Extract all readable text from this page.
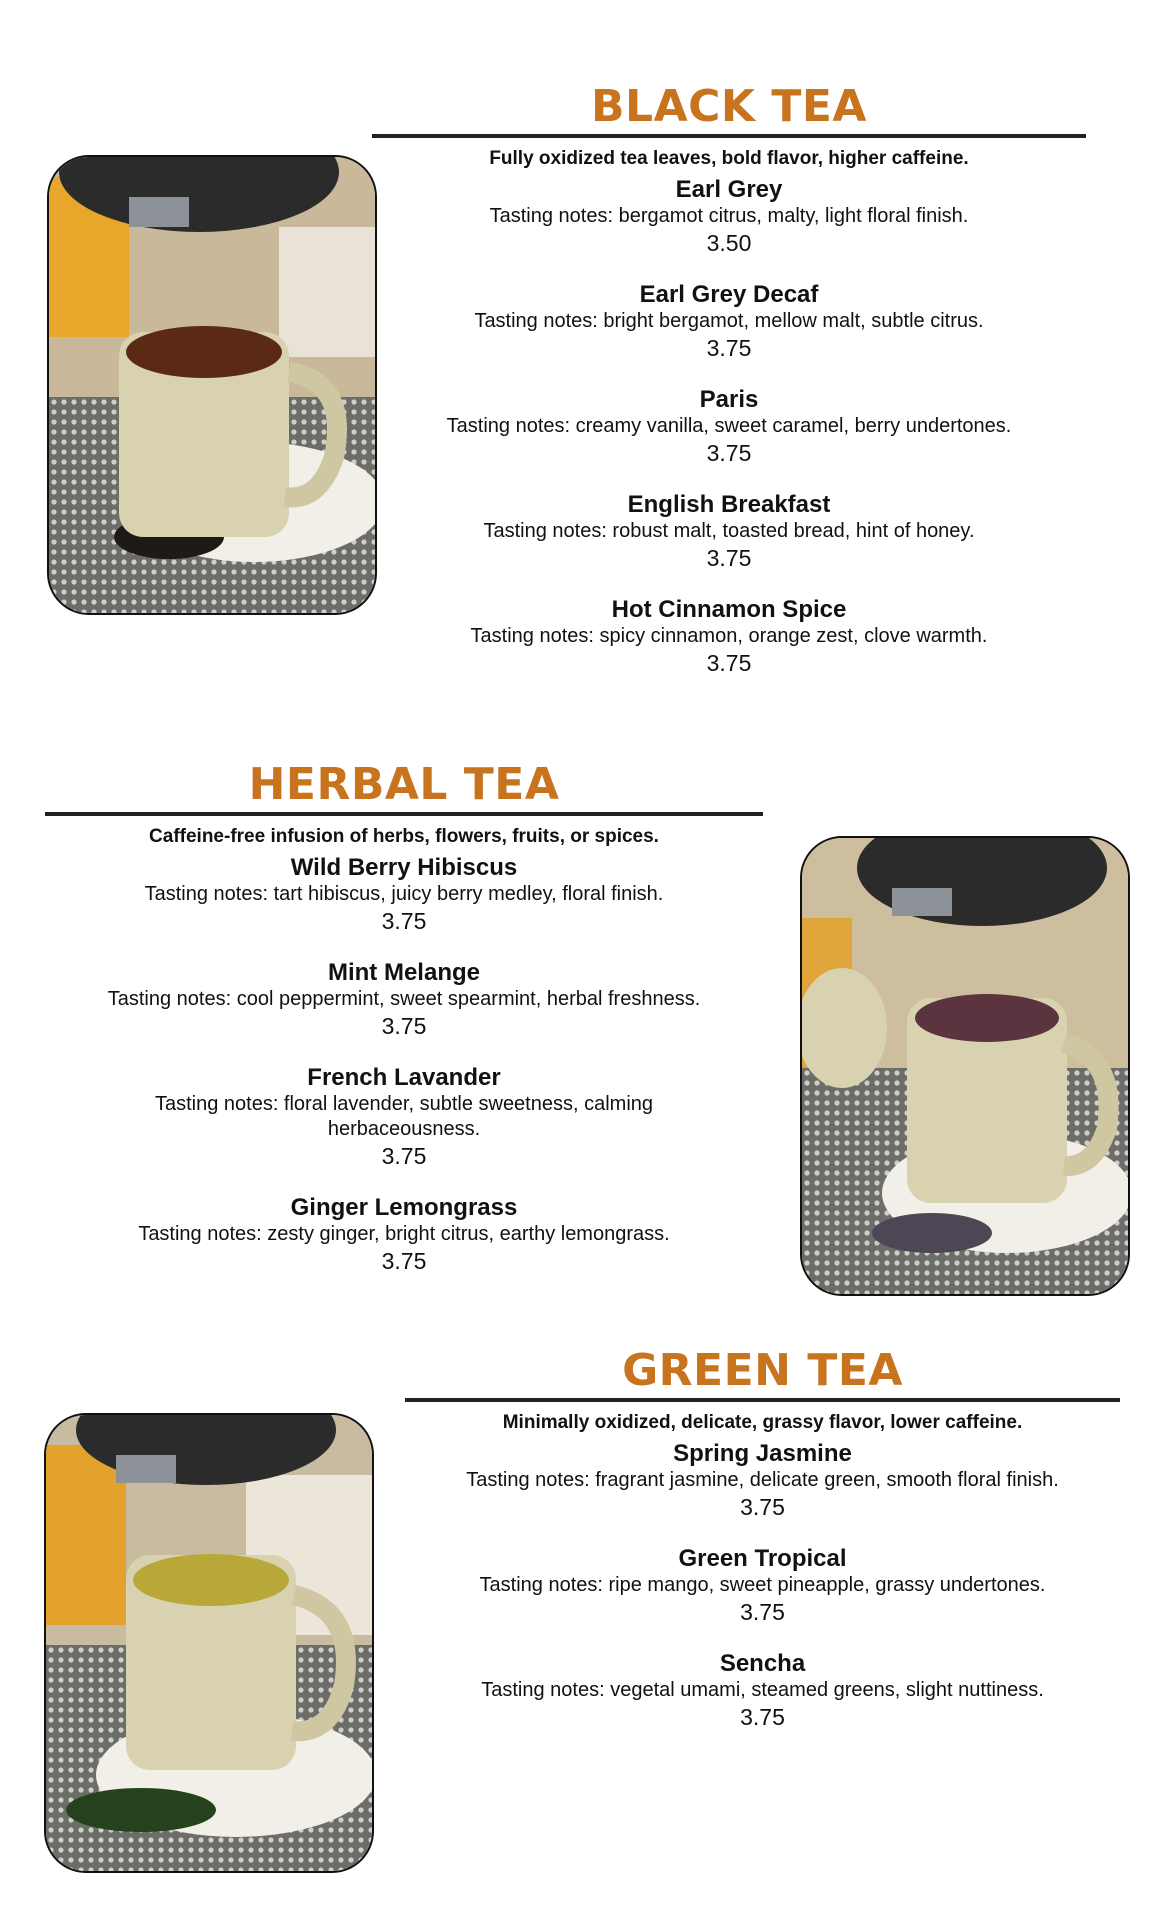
BLACK TEA
Fully oxidized tea leaves, bold flavor, higher caffeine.
Earl Grey
Tasting notes: bergamot citrus, malty, light floral finish.
3.50
Earl Grey Decaf
Tasting notes: bright bergamot, mellow malt, subtle citrus.
3.75
Paris
Tasting notes: creamy vanilla, sweet caramel, berry undertones.
3.75
English Breakfast
Tasting notes: robust malt, toasted bread, hint of honey.
3.75
Hot Cinnamon Spice
Tasting notes: spicy cinnamon, orange zest, clove warmth.
3.75
HERBAL TEA
Caffeine-free infusion of herbs, flowers, fruits, or spices.
Wild Berry Hibiscus
Tasting notes: tart hibiscus, juicy berry medley, floral finish.
3.75
Mint Melange
Tasting notes: cool peppermint, sweet spearmint, herbal freshness.
3.75
French Lavander
Tasting notes: floral lavender, subtle sweetness, calming herbaceousness.
3.75
Ginger Lemongrass
Tasting notes: zesty ginger, bright citrus, earthy lemongrass.
3.75
GREEN TEA
Minimally oxidized, delicate, grassy flavor, lower caffeine.
Spring Jasmine
Tasting notes: fragrant jasmine, delicate green, smooth floral finish.
3.75
Green Tropical
Tasting notes: ripe mango, sweet pineapple, grassy undertones.
3.75
Sencha
Tasting notes: vegetal umami, steamed greens, slight nuttiness.
3.75
